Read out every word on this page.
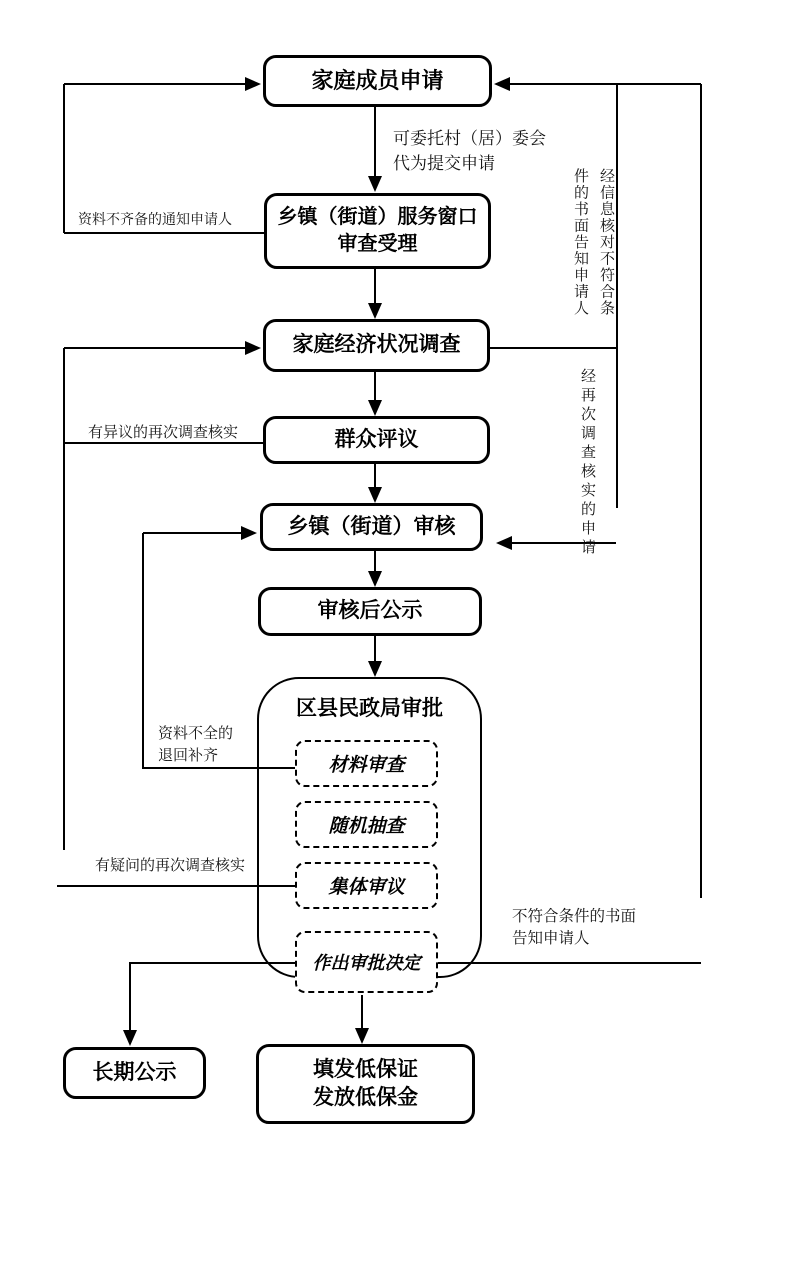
家庭成员申请
乡镇（街道）服务窗口
审查受理
家庭经济状况调查
群众评议
乡镇（街道）审核
审核后公示
区县民政局审批
材料审查
随机抽查
集体审议
作出审批决定
长期公示	填发低保证
发放低保金
可委托村（居）委会
代为提交申请
资料不齐备的通知申请人
有异议的再次调查核实
经信息核对不符合条件的书面告知申请人
经再次调查核实的申请
资料不全的
退回补齐
有疑问的再次调查核实
不符合条件的书面
告知申请人
